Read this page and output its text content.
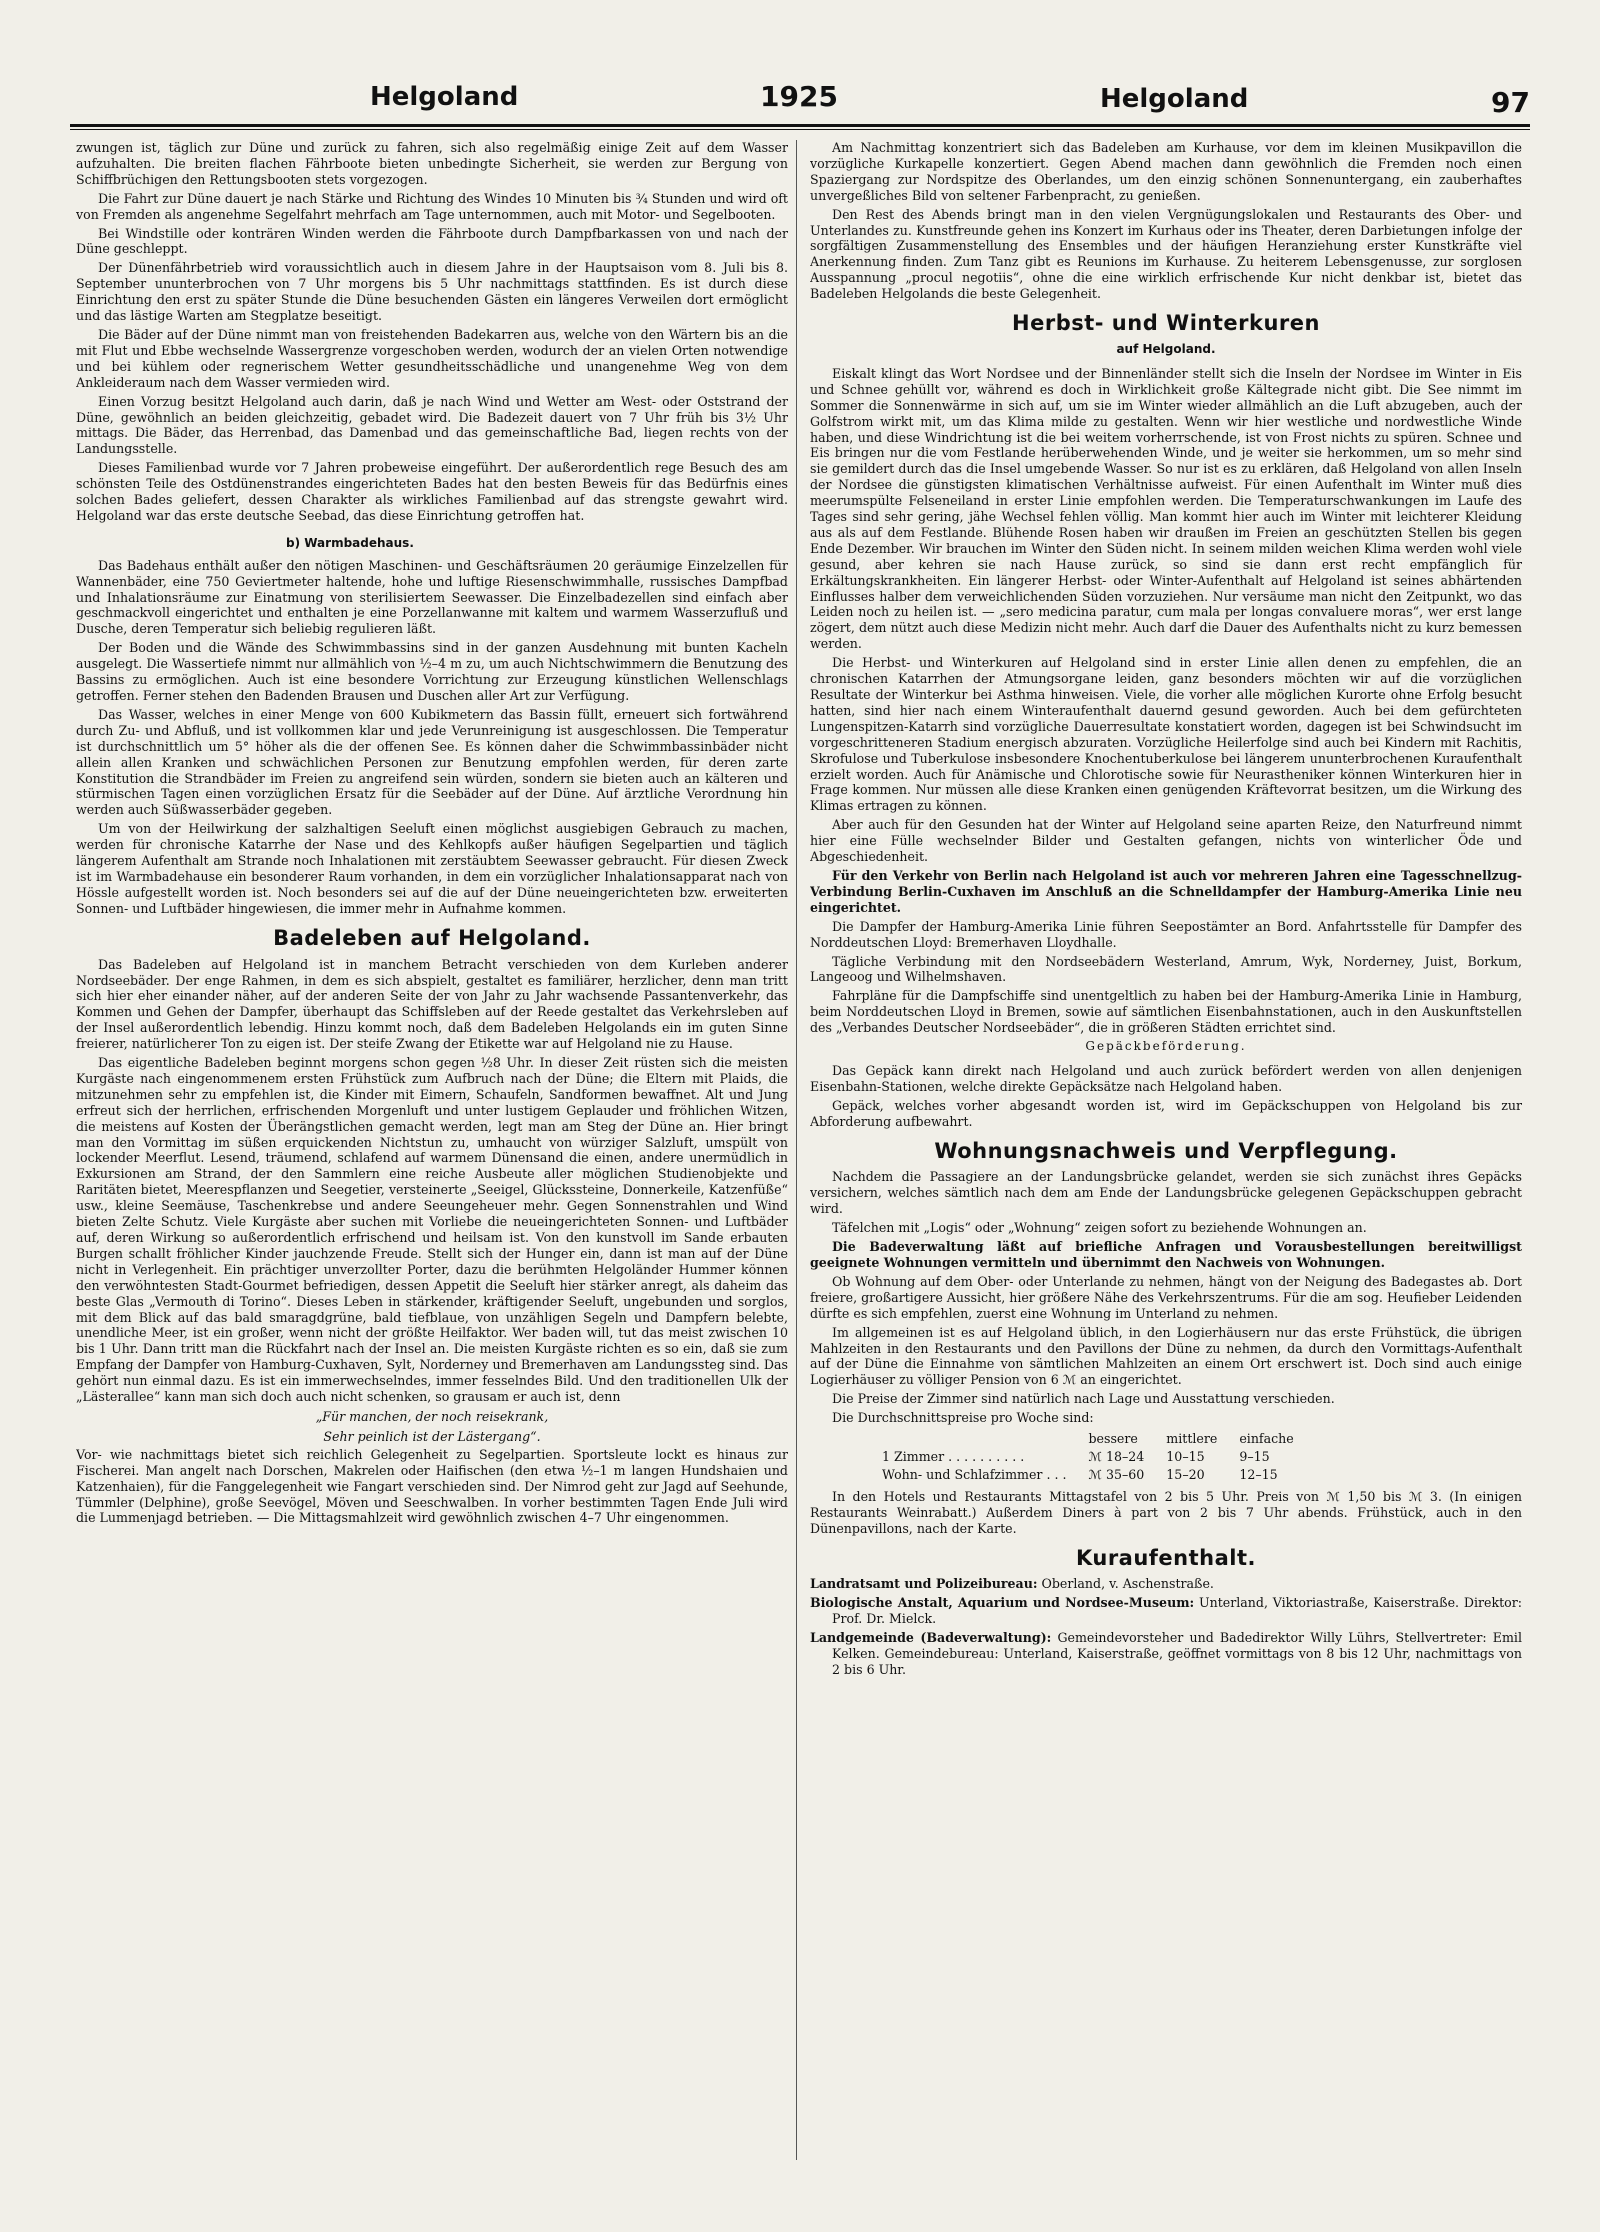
Helgoland	1925	Helgoland	97

zwungen ist, täglich zur Düne und zurück zu fahren, sich also regelmäßig einige Zeit auf dem Wasser aufzuhalten. Die breiten flachen Fährboote bieten unbedingte Sicherheit, sie werden zur Bergung von Schiffbrüchigen den Rettungsbooten stets vorgezogen.

Die Fahrt zur Düne dauert je nach Stärke und Richtung des Windes 10 Minuten bis ¾ Stunden und wird oft von Fremden als angenehme Segelfahrt mehrfach am Tage unternommen, auch mit Motor- und Segelbooten.

Bei Windstille oder konträren Winden werden die Fährboote durch Dampfbarkassen von und nach der Düne geschleppt.

Der Dünenfährbetrieb wird voraussichtlich auch in diesem Jahre in der Hauptsaison vom 8. Juli bis 8. September ununterbrochen von 7 Uhr morgens bis 5 Uhr nachmittags stattfinden. Es ist durch diese Einrichtung den erst zu später Stunde die Düne besuchenden Gästen ein längeres Verweilen dort ermöglicht und das lästige Warten am Stegplatze beseitigt.

Die Bäder auf der Düne nimmt man von freistehenden Badekarren aus, welche von den Wärtern bis an die mit Flut und Ebbe wechselnde Wassergrenze vorgeschoben werden, wodurch der an vielen Orten notwendige und bei kühlem oder regnerischem Wetter gesundheitsschädliche und unangenehme Weg von dem Ankleideraum nach dem Wasser vermieden wird.

Einen Vorzug besitzt Helgoland auch darin, daß je nach Wind und Wetter am West- oder Oststrand der Düne, gewöhnlich an beiden gleichzeitig, gebadet wird. Die Badezeit dauert von 7 Uhr früh bis 3½ Uhr mittags. Die Bäder, das Herrenbad, das Damenbad und das gemeinschaftliche Bad, liegen rechts von der Landungsstelle.

Dieses Familienbad wurde vor 7 Jahren probeweise eingeführt. Der außerordentlich rege Besuch des am schönsten Teile des Ostdünenstrandes eingerichteten Bades hat den besten Beweis für das Bedürfnis eines solchen Bades geliefert, dessen Charakter als wirkliches Familienbad auf das strengste gewahrt wird. Helgoland war das erste deutsche Seebad, das diese Einrichtung getroffen hat.

b) Warmbadehaus.

Das Badehaus enthält außer den nötigen Maschinen- und Geschäftsräumen 20 geräumige Einzelzellen für Wannenbäder, eine 750 Geviertmeter haltende, hohe und luftige Riesenschwimmhalle, russisches Dampfbad und Inhalationsräume zur Einatmung von sterilisiertem Seewasser. Die Einzelbadezellen sind einfach aber geschmackvoll eingerichtet und enthalten je eine Porzellanwanne mit kaltem und warmem Wasserzufluß und Dusche, deren Temperatur sich beliebig regulieren läßt.

Der Boden und die Wände des Schwimmbassins sind in der ganzen Ausdehnung mit bunten Kacheln ausgelegt. Die Wassertiefe nimmt nur allmählich von ½–4 m zu, um auch Nichtschwimmern die Benutzung des Bassins zu ermöglichen. Auch ist eine besondere Vorrichtung zur Erzeugung künstlichen Wellenschlags getroffen. Ferner stehen den Badenden Brausen und Duschen aller Art zur Verfügung.

Das Wasser, welches in einer Menge von 600 Kubikmetern das Bassin füllt, erneuert sich fortwährend durch Zu- und Abfluß, und ist vollkommen klar und jede Verunreinigung ist ausgeschlossen. Die Temperatur ist durchschnittlich um 5° höher als die der offenen See. Es können daher die Schwimmbassinbäder nicht allein allen Kranken und schwächlichen Personen zur Benutzung empfohlen werden, für deren zarte Konstitution die Strandbäder im Freien zu angreifend sein würden, sondern sie bieten auch an kälteren und stürmischen Tagen einen vorzüglichen Ersatz für die Seebäder auf der Düne. Auf ärztliche Verordnung hin werden auch Süßwasserbäder gegeben.

Um von der Heilwirkung der salzhaltigen Seeluft einen möglichst ausgiebigen Gebrauch zu machen, werden für chronische Katarrhe der Nase und des Kehlkopfs außer häufigen Segelpartien und täglich längerem Aufenthalt am Strande noch Inhalationen mit zerstäubtem Seewasser gebraucht. Für diesen Zweck ist im Warmbadehause ein besonderer Raum vorhanden, in dem ein vorzüglicher Inhalationsapparat nach von Hössle aufgestellt worden ist. Noch besonders sei auf die auf der Düne neueingerichteten bzw. erweiterten Sonnen- und Luftbäder hingewiesen, die immer mehr in Aufnahme kommen.

Badeleben auf Helgoland.

Das Badeleben auf Helgoland ist in manchem Betracht verschieden von dem Kurleben anderer Nordseebäder. Der enge Rahmen, in dem es sich abspielt, gestaltet es familiärer, herzlicher, denn man tritt sich hier eher einander näher, auf der anderen Seite der von Jahr zu Jahr wachsende Passantenverkehr, das Kommen und Gehen der Dampfer, überhaupt das Schiffsleben auf der Reede gestaltet das Verkehrsleben auf der Insel außerordentlich lebendig. Hinzu kommt noch, daß dem Badeleben Helgolands ein im guten Sinne freierer, natürlicherer Ton zu eigen ist. Der steife Zwang der Etikette war auf Helgoland nie zu Hause.

Das eigentliche Badeleben beginnt morgens schon gegen ½8 Uhr. In dieser Zeit rüsten sich die meisten Kurgäste nach eingenommenem ersten Frühstück zum Aufbruch nach der Düne; die Eltern mit Plaids, die mitzunehmen sehr zu empfehlen ist, die Kinder mit Eimern, Schaufeln, Sandformen bewaffnet. Alt und Jung erfreut sich der herrlichen, erfrischenden Morgenluft und unter lustigem Geplauder und fröhlichen Witzen, die meistens auf Kosten der Überängstlichen gemacht werden, legt man am Steg der Düne an. Hier bringt man den Vormittag im süßen erquickenden Nichtstun zu, umhaucht von würziger Salzluft, umspült von lockender Meerflut. Lesend, träumend, schlafend auf warmem Dünensand die einen, andere unermüdlich in Exkursionen am Strand, der den Sammlern eine reiche Ausbeute aller möglichen Studienobjekte und Raritäten bietet, Meerespflanzen und Seegetier, versteinerte „Seeigel, Glückssteine, Donnerkeile, Katzenfüße“ usw., kleine Seemäuse, Taschenkrebse und andere Seeungeheuer mehr. Gegen Sonnenstrahlen und Wind bieten Zelte Schutz. Viele Kurgäste aber suchen mit Vorliebe die neueingerichteten Sonnen- und Luftbäder auf, deren Wirkung so außerordentlich erfrischend und heilsam ist. Von den kunstvoll im Sande erbauten Burgen schallt fröhlicher Kinder jauchzende Freude. Stellt sich der Hunger ein, dann ist man auf der Düne nicht in Verlegenheit. Ein prächtiger unverzollter Porter, dazu die berühmten Helgoländer Hummer können den verwöhntesten Stadt-Gourmet befriedigen, dessen Appetit die Seeluft hier stärker anregt, als daheim das beste Glas „Vermouth di Torino“. Dieses Leben in stärkender, kräftigender Seeluft, ungebunden und sorglos, mit dem Blick auf das bald smaragdgrüne, bald tiefblaue, von unzähligen Segeln und Dampfern belebte, unendliche Meer, ist ein großer, wenn nicht der größte Heilfaktor. Wer baden will, tut das meist zwischen 10 bis 1 Uhr. Dann tritt man die Rückfahrt nach der Insel an. Die meisten Kurgäste richten es so ein, daß sie zum Empfang der Dampfer von Hamburg-Cuxhaven, Sylt, Norderney und Bremerhaven am Landungssteg sind. Das gehört nun einmal dazu. Es ist ein immerwechselndes, immer fesselndes Bild. Und den traditionellen Ulk der „Lästerallee“ kann man sich doch auch nicht schenken, so grausam er auch ist, denn

„Für manchen, der noch reisekrank,
Sehr peinlich ist der Lästergang“.

Vor- wie nachmittags bietet sich reichlich Gelegenheit zu Segelpartien. Sportsleute lockt es hinaus zur Fischerei. Man angelt nach Dorschen, Makrelen oder Haifischen (den etwa ½–1 m langen Hundshaien und Katzenhaien), für die Fanggelegenheit wie Fangart verschieden sind. Der Nimrod geht zur Jagd auf Seehunde, Tümmler (Delphine), große Seevögel, Möven und Seeschwalben. In vorher bestimmten Tagen Ende Juli wird die Lummenjagd betrieben. — Die Mittagsmahlzeit wird gewöhnlich zwischen 4–7 Uhr eingenommen.

Am Nachmittag konzentriert sich das Badeleben am Kurhause, vor dem im kleinen Musikpavillon die vorzügliche Kurkapelle konzertiert. Gegen Abend machen dann gewöhnlich die Fremden noch einen Spaziergang zur Nordspitze des Oberlandes, um den einzig schönen Sonnenuntergang, ein zauberhaftes unvergeßliches Bild von seltener Farbenpracht, zu genießen.

Den Rest des Abends bringt man in den vielen Vergnügungslokalen und Restaurants des Ober- und Unterlandes zu. Kunstfreunde gehen ins Konzert im Kurhaus oder ins Theater, deren Darbietungen infolge der sorgfältigen Zusammenstellung des Ensembles und der häufigen Heranziehung erster Kunstkräfte viel Anerkennung finden. Zum Tanz gibt es Reunions im Kurhause. Zu heiterem Lebensgenusse, zur sorglosen Ausspannung „procul negotiis“, ohne die eine wirklich erfrischende Kur nicht denkbar ist, bietet das Badeleben Helgolands die beste Gelegenheit.

Herbst- und Winterkuren
auf Helgoland.

Eiskalt klingt das Wort Nordsee und der Binnenländer stellt sich die Inseln der Nordsee im Winter in Eis und Schnee gehüllt vor, während es doch in Wirklichkeit große Kältegrade nicht gibt. Die See nimmt im Sommer die Sonnenwärme in sich auf, um sie im Winter wieder allmählich an die Luft abzugeben, auch der Golfstrom wirkt mit, um das Klima milde zu gestalten. Wenn wir hier westliche und nordwestliche Winde haben, und diese Windrichtung ist die bei weitem vorherrschende, ist von Frost nichts zu spüren. Schnee und Eis bringen nur die vom Festlande herüberwehenden Winde, und je weiter sie herkommen, um so mehr sind sie gemildert durch das die Insel umgebende Wasser. So nur ist es zu erklären, daß Helgoland von allen Inseln der Nordsee die günstigsten klimatischen Verhältnisse aufweist. Für einen Aufenthalt im Winter muß dies meerumspülte Felseneiland in erster Linie empfohlen werden. Die Temperaturschwankungen im Laufe des Tages sind sehr gering, jähe Wechsel fehlen völlig. Man kommt hier auch im Winter mit leichterer Kleidung aus als auf dem Festlande. Blühende Rosen haben wir draußen im Freien an geschützten Stellen bis gegen Ende Dezember. Wir brauchen im Winter den Süden nicht. In seinem milden weichen Klima werden wohl viele gesund, aber kehren sie nach Hause zurück, so sind sie dann erst recht empfänglich für Erkältungskrankheiten. Ein längerer Herbst- oder Winter-Aufenthalt auf Helgoland ist seines abhärtenden Einflusses halber dem verweichlichenden Süden vorzuziehen. Nur versäume man nicht den Zeitpunkt, wo das Leiden noch zu heilen ist. — „sero medicina paratur, cum mala per longas convaluere moras“, wer erst lange zögert, dem nützt auch diese Medizin nicht mehr. Auch darf die Dauer des Aufenthalts nicht zu kurz bemessen werden.

Die Herbst- und Winterkuren auf Helgoland sind in erster Linie allen denen zu empfehlen, die an chronischen Katarrhen der Atmungsorgane leiden, ganz besonders möchten wir auf die vorzüglichen Resultate der Winterkur bei Asthma hinweisen. Viele, die vorher alle möglichen Kurorte ohne Erfolg besucht hatten, sind hier nach einem Winteraufenthalt dauernd gesund geworden. Auch bei dem gefürchteten Lungenspitzen-Katarrh sind vorzügliche Dauerresultate konstatiert worden, dagegen ist bei Schwindsucht im vorgeschritteneren Stadium energisch abzuraten. Vorzügliche Heilerfolge sind auch bei Kindern mit Rachitis, Skrofulose und Tuberkulose insbesondere Knochentuberkulose bei längerem ununterbrochenen Kuraufenthalt erzielt worden. Auch für Anämische und Chlorotische sowie für Neurastheniker können Winterkuren hier in Frage kommen. Nur müssen alle diese Kranken einen genügenden Kräftevorrat besitzen, um die Wirkung des Klimas ertragen zu können.

Aber auch für den Gesunden hat der Winter auf Helgoland seine aparten Reize, den Naturfreund nimmt hier eine Fülle wechselnder Bilder und Gestalten gefangen, nichts von winterlicher Öde und Abgeschiedenheit.

Für den Verkehr von Berlin nach Helgoland ist auch vor mehreren Jahren eine Tagesschnellzug-Verbindung Berlin-Cuxhaven im Anschluß an die Schnelldampfer der Hamburg-Amerika Linie neu eingerichtet.

Die Dampfer der Hamburg-Amerika Linie führen Seepostämter an Bord. Anfahrtsstelle für Dampfer des Norddeutschen Lloyd: Bremerhaven Lloydhalle.

Tägliche Verbindung mit den Nordseebädern Westerland, Amrum, Wyk, Norderney, Juist, Borkum, Langeoog und Wilhelmshaven.

Fahrpläne für die Dampfschiffe sind unentgeltlich zu haben bei der Hamburg-Amerika Linie in Hamburg, beim Norddeutschen Lloyd in Bremen, sowie auf sämtlichen Eisenbahnstationen, auch in den Auskunftstellen des „Verbandes Deutscher Nordseebäder“, die in größeren Städten errichtet sind.

Gepäckbeförderung.

Das Gepäck kann direkt nach Helgoland und auch zurück befördert werden von allen denjenigen Eisenbahn-Stationen, welche direkte Gepäcksätze nach Helgoland haben.

Gepäck, welches vorher abgesandt worden ist, wird im Gepäckschuppen von Helgoland bis zur Abforderung aufbewahrt.

Wohnungsnachweis und Verpflegung.

Nachdem die Passagiere an der Landungsbrücke gelandet, werden sie sich zunächst ihres Gepäcks versichern, welches sämtlich nach dem am Ende der Landungsbrücke gelegenen Gepäckschuppen gebracht wird.

Täfelchen mit „Logis“ oder „Wohnung“ zeigen sofort zu beziehende Wohnungen an.

Die Badeverwaltung läßt auf briefliche Anfragen und Vorausbestellungen bereitwilligst geeignete Wohnungen vermitteln und übernimmt den Nachweis von Wohnungen.

Ob Wohnung auf dem Ober- oder Unterlande zu nehmen, hängt von der Neigung des Badegastes ab. Dort freiere, großartigere Aussicht, hier größere Nähe des Verkehrszentrums. Für die am sog. Heufieber Leidenden dürfte es sich empfehlen, zuerst eine Wohnung im Unterland zu nehmen.

Im allgemeinen ist es auf Helgoland üblich, in den Logierhäusern nur das erste Frühstück, die übrigen Mahlzeiten in den Restaurants und den Pavillons der Düne zu nehmen, da durch den Vormittags-Aufenthalt auf der Düne die Einnahme von sämtlichen Mahlzeiten an einem Ort erschwert ist. Doch sind auch einige Logierhäuser zu völliger Pension von 6 ℳ an eingerichtet.

Die Preise der Zimmer sind natürlich nach Lage und Ausstattung verschieden.

Die Durchschnittspreise pro Woche sind:

	bessere	mittlere	einfache
1 Zimmer . . . . . . . . . .	ℳ 18–24	10–15	9–15
Wohn- und Schlafzimmer . . .	ℳ 35–60	15–20	12–15

In den Hotels und Restaurants Mittagstafel von 2 bis 5 Uhr. Preis von ℳ 1,50 bis ℳ 3. (In einigen Restaurants Weinrabatt.) Außerdem Diners à part von 2 bis 7 Uhr abends. Frühstück, auch in den Dünenpavillons, nach der Karte.

Kuraufenthalt.

Landratsamt und Polizeibureau: Oberland, v. Aschenstraße.

Biologische Anstalt, Aquarium und Nordsee-Museum: Unterland, Viktoriastraße, Kaiserstraße. Direktor: Prof. Dr. Mielck.

Landgemeinde (Badeverwaltung): Gemeindevorsteher und Badedirektor Willy Lührs, Stellvertreter: Emil Kelken. Gemeindebureau: Unterland, Kaiserstraße, geöffnet vormittags von 8 bis 12 Uhr, nachmittags von 2 bis 6 Uhr.
